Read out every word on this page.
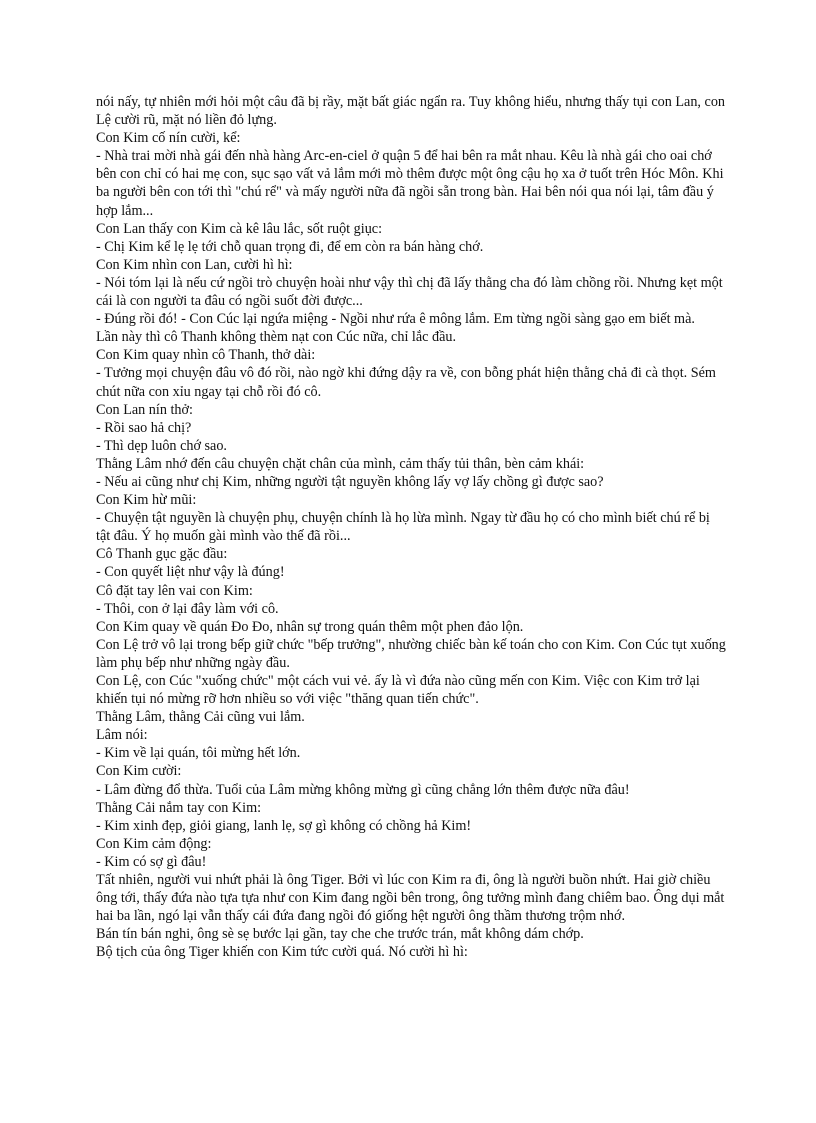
nói nấy, tự nhiên mới hỏi một câu đã bị rầy, mặt bất giác ngẩn ra. Tuy không hiểu, nhưng thấy tụi con Lan, con Lệ cười rũ, mặt nó liền đỏ lựng.

Con Kim cố nín cười, kể:

- Nhà trai mời nhà gái đến nhà hàng Arc-en-ciel ở quận 5 để hai bên ra mắt nhau. Kêu là nhà gái cho oai chớ bên con chỉ có hai mẹ con, sục sạo vất vả lắm mới mò thêm được một ông cậu họ xa ở tuốt trên Hóc Môn. Khi ba người bên con tới thì "chú rể" và mấy người nữa đã ngồi sẵn trong bàn. Hai bên nói qua nói lại, tâm đầu ý hợp lắm...

Con Lan thấy con Kim cà kê lâu lắc, sốt ruột giục:

- Chị Kim kể lẹ lẹ tới chỗ quan trọng đi, để em còn ra bán hàng chớ.

Con Kim nhìn con Lan, cười hì hì:

- Nói tóm lại là nếu cứ ngồi trò chuyện hoài như vậy thì chị đã lấy thằng cha đó làm chồng rồi. Nhưng kẹt một cái là con người ta đâu có ngồi suốt đời được...

- Đúng rồi đó! - Con Cúc lại ngứa miệng - Ngồi như rứa ê mông lắm. Em từng ngồi sàng gạo em biết mà.

Lần này thì cô Thanh không thèm nạt con Cúc nữa, chỉ lắc đầu.

Con Kim quay nhìn cô Thanh, thở dài:

- Tưởng mọi chuyện đâu vô đó rồi, nào ngờ khi đứng dậy ra về, con bỗng phát hiện thằng chả đi cà thọt. Sém chút nữa con xỉu ngay tại chỗ rồi đó cô.

Con Lan nín thở:

- Rồi sao hả chị?

- Thì dẹp luôn chớ sao.

Thằng Lâm nhớ đến câu chuyện chặt chân của mình, cảm thấy tủi thân, bèn cảm khái:

- Nếu ai cũng như chị Kim, những người tật nguyền không lấy vợ lấy chồng gì được sao?

Con Kim hừ mũi:

- Chuyện tật nguyền là chuyện phụ, chuyện chính là họ lừa mình. Ngay từ đầu họ có cho mình biết chú rể bị tật đâu. Ý họ muốn gài mình vào thế đã rồi...

Cô Thanh gục gặc đầu:

- Con quyết liệt như vậy là đúng!

Cô đặt tay lên vai con Kim:

- Thôi, con ở lại đây làm với cô.

Con Kim quay về quán Đo Đo, nhân sự trong quán thêm một phen đảo lộn.

Con Lệ trở vô lại trong bếp giữ chức "bếp trưởng", nhường chiếc bàn kế toán cho con Kim. Con Cúc tụt xuống làm phụ bếp như những ngày đầu.

Con Lệ, con Cúc "xuống chức" một cách vui vẻ. ấy là vì đứa nào cũng mến con Kim. Việc con Kim trở lại khiến tụi nó mừng rỡ hơn nhiều so với việc "thăng quan tiến chức".

Thằng Lâm, thằng Cải cũng vui lắm.

Lâm nói:

- Kim về lại quán, tôi mừng hết lớn.

Con Kim cười:

- Lâm đừng đổ thừa. Tuổi của Lâm mừng không mừng gì cũng chẳng lớn thêm được nữa đâu!

Thằng Cải nắm tay con Kim:

- Kim xinh đẹp, giỏi giang, lanh lẹ, sợ gì không có chồng hả Kim!

Con Kim cảm động:

- Kim có sợ gì đâu!

Tất nhiên, người vui nhứt phải là ông Tiger. Bởi vì lúc con Kim ra đi, ông là người buồn nhứt. Hai giờ chiều ông tới, thấy đứa nào tựa tựa như con Kim đang ngồi bên trong, ông tưởng mình đang chiêm bao. Ông dụi mắt hai ba lần, ngó lại vẫn thấy cái đứa đang ngồi đó giống hệt người ông thầm thương trộm nhớ.

Bán tín bán nghi, ông sè sẹ bước lại gần, tay che che trước trán, mắt không dám chớp.

Bộ tịch của ông Tiger khiến con Kim tức cười quá. Nó cười hì hì:
